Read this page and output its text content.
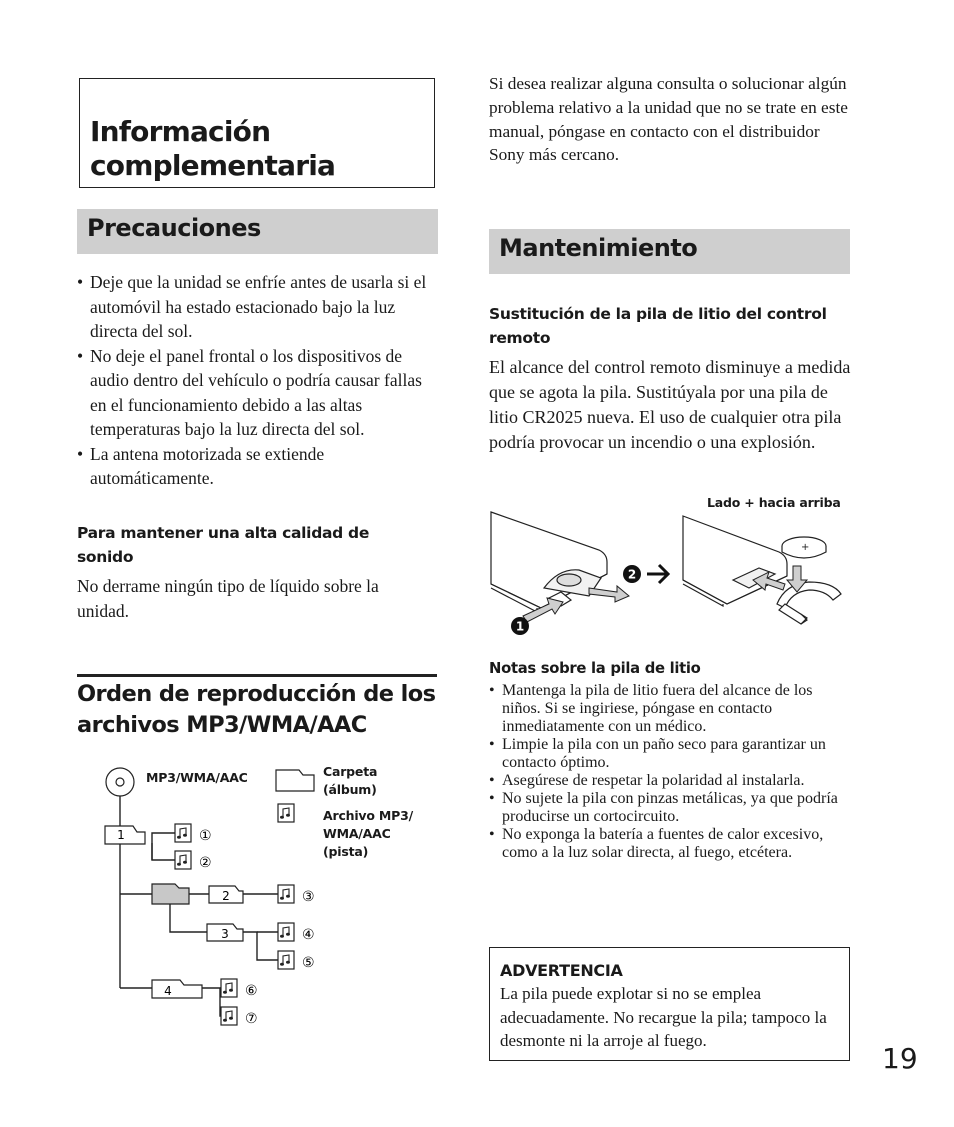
Información complementaria
Precauciones
• Deje que la unidad se enfríe antes de usarla si el automóvil ha estado estacionado bajo la luz directa del sol.
• No deje el panel frontal o los dispositivos de audio dentro del vehículo o podría causar fallas en el funcionamiento debido a las altas temperaturas bajo la luz directa del sol.
• La antena motorizada se extiende automáticamente.

Para mantener una alta calidad de sonido

No derrame ningún tipo de líquido sobre la unidad.

Orden de reproducción de los archivos MP3/WMA/AAC
1
2
3
4
①
②
③
④
⑤
⑥
⑦
MP3/WMA/AAC	Carpeta (álbum)
Archivo MP3/ WMA/AAC (pista)

Si desea realizar alguna consulta o solucionar algún problema relativo a la unidad que no se trate en este manual, póngase en contacto con el distribuidor Sony más cercano.

Mantenimiento

Sustitución de la pila de litio del control remoto

El alcance del control remoto disminuye a medida que se agota la pila. Sustitúyala por una pila de litio CR2025 nueva. El uso de cualquier otra pila podría provocar un incendio o una explosión.

Lado + hacia arriba
1
2
+

Notas sobre la pila de litio

• Mantenga la pila de litio fuera del alcance de los niños. Si se ingiriese, póngase en contacto inmediatamente con un médico.
• Limpie la pila con un paño seco para garantizar un contacto óptimo.
• Asegúrese de respetar la polaridad al instalarla.
• No sujete la pila con pinzas metálicas, ya que podría producirse un cortocircuito.
• No exponga la batería a fuentes de calor excesivo, como a la luz solar directa, al fuego, etcétera.

ADVERTENCIA

La pila puede explotar si no se emplea adecuadamente. No recargue la pila; tampoco la desmonte ni la arroje al fuego.

19
